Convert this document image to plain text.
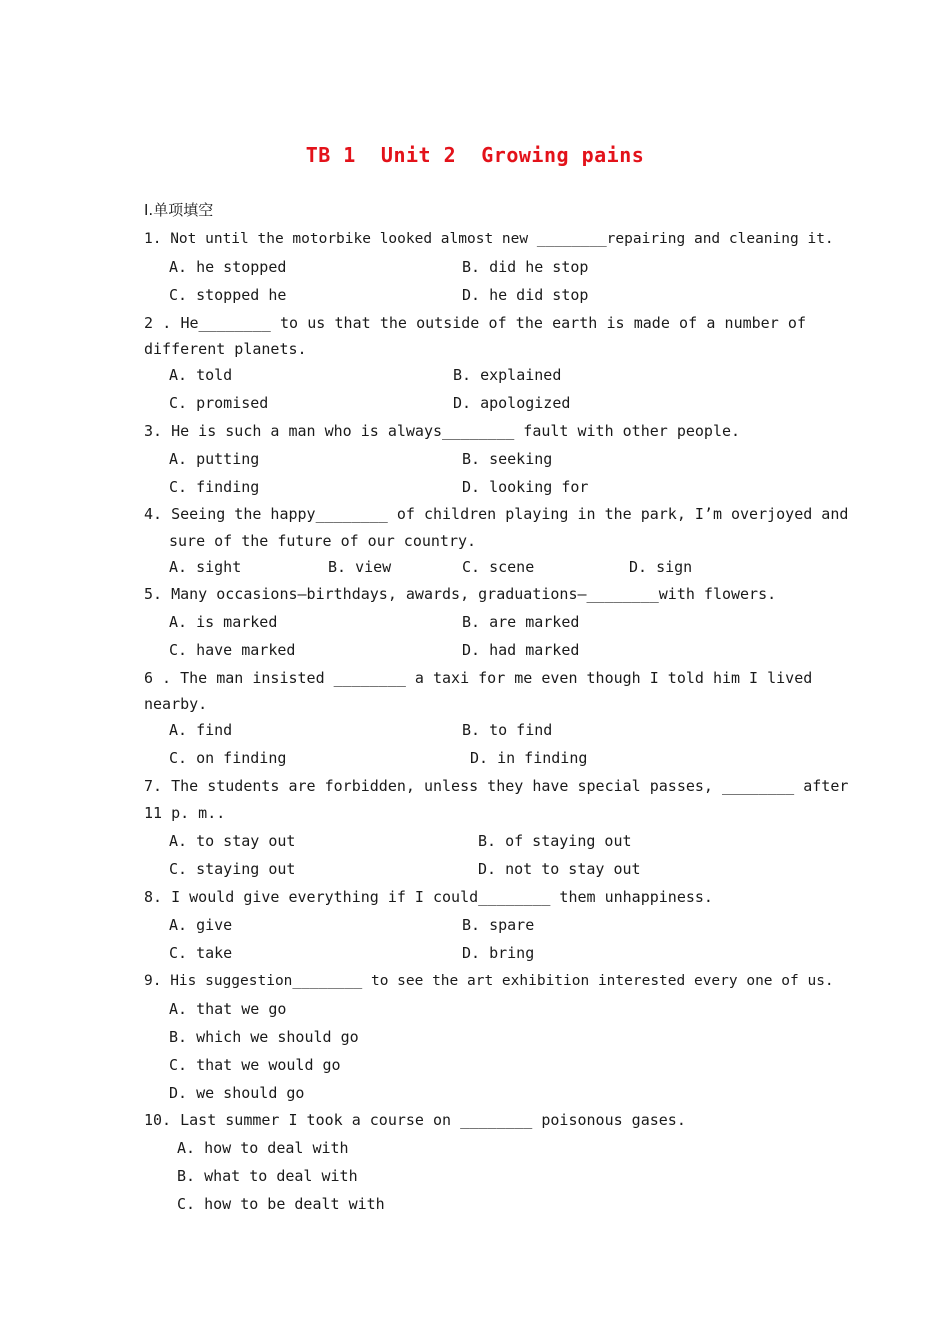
TB 1  Unit 2  Growing pains
Ⅰ.单项填空
1. Not until the motorbike looked almost new ________repairing and cleaning it.
A. he stopped	B. did he stop
C. stopped he	D. he did stop
2 . He________ to us that the outside of the earth is made of a number of
different planets.
A. told	B. explained
C. promised	D. apologized
3. He is such a man who is always________ fault with other people.
A. putting	B. seeking
C. finding	D. looking for
4. Seeing the happy________ of children playing in the park, I’m overjoyed and
sure of the future of our country.
A. sight	B. view	C. scene	D. sign
5. Many occasions—birthdays, awards, graduations—________with flowers.
A. is marked	B. are marked
C. have marked	D. had marked
6 . The man insisted ________ a taxi for me even though I told him I lived
nearby.
A. find	B. to find
C. on finding	D. in finding
7. The students are forbidden, unless they have special passes, ________ after
11 p. m..
A. to stay out	B. of staying out
C. staying out	D. not to stay out
8. I would give everything if I could________ them unhappiness.
A. give	B. spare
C. take	D. bring
9. His suggestion________ to see the art exhibition interested every one of us.
A. that we go
B. which we should go
C. that we would go
D. we should go
10. Last summer I took a course on ________ poisonous gases.
A. how to deal with
B. what to deal with
C. how to be dealt with
